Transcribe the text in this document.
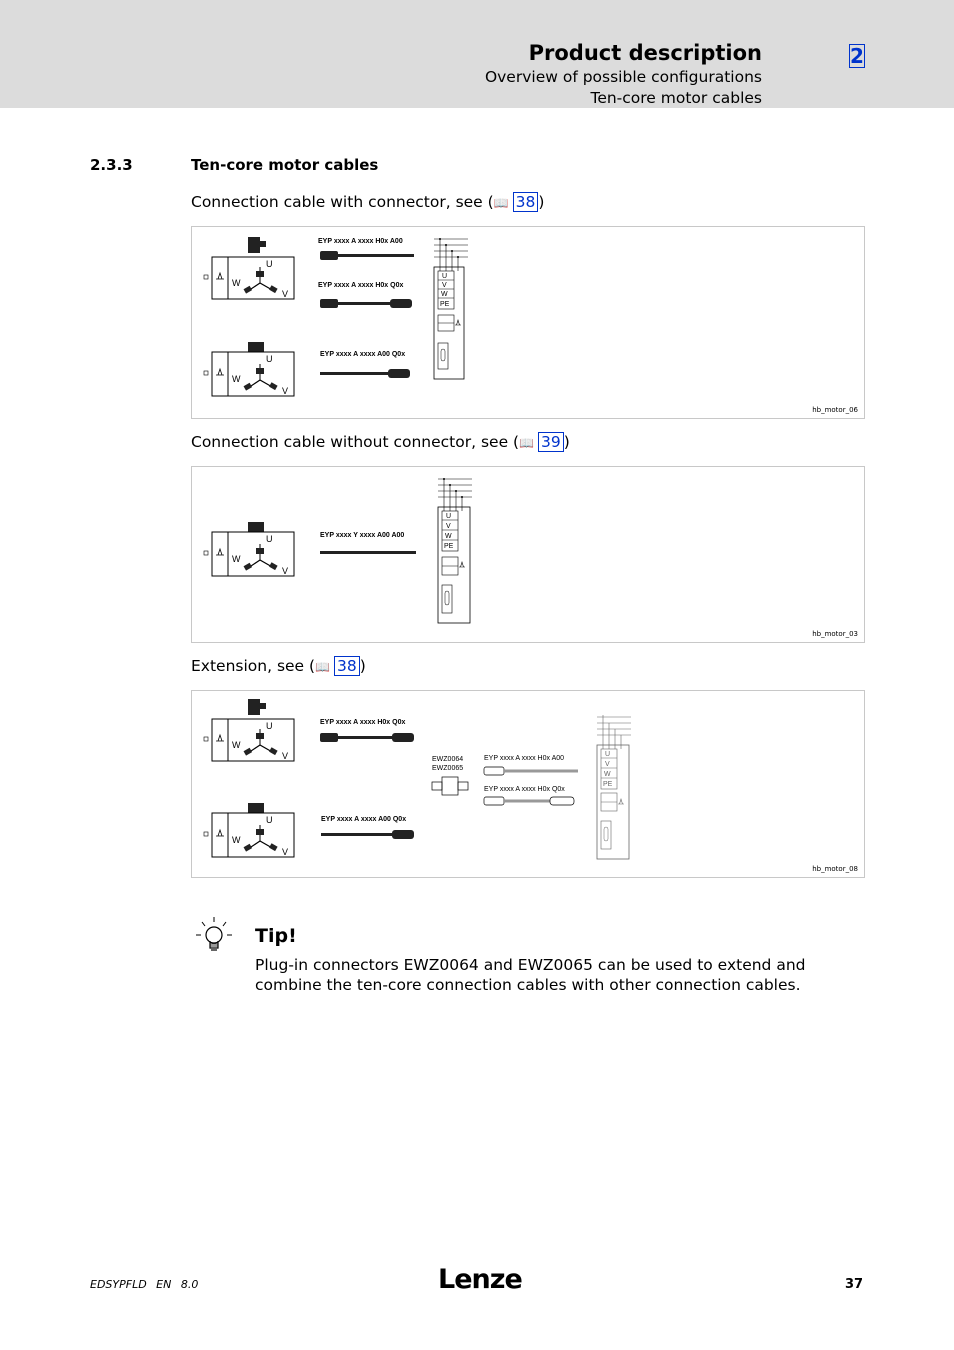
Product description
Overview of possible configurations
Ten-core motor cables
2
2.3.3	Ten-core motor cables
Connection cable with connector, see (📖 38 )
U
W
V
U
W
V
EYP xxxx A xxxx H0x A00
EYP xxxx A xxxx H0x Q0x
EYP xxxx A xxxx A00 Q0x
U
V
W
PE
hb_motor_06
Connection cable without connector, see (📖 39 )
U
W
V
EYP xxxx Y xxxx A00 A00
U
V
W
PE
hb_motor_03
Extension, see (📖 38 )
U
W
V
U
W
V
EYP xxxx A xxxx H0x Q0x
EYP xxxx A xxxx A00 Q0x
EWZ0064
EWZ0065
EYP xxxx A xxxx H0x A00
EYP xxxx A xxxx H0x Q0x
U
V
W
PE
hb_motor_08
Tip!
Plug-in connectors EWZ0064 and EWZ0065 can be used to extend and combine the ten-core connection cables with other connection cables.
EDSYPFLD EN 8.0	Lenze	37
